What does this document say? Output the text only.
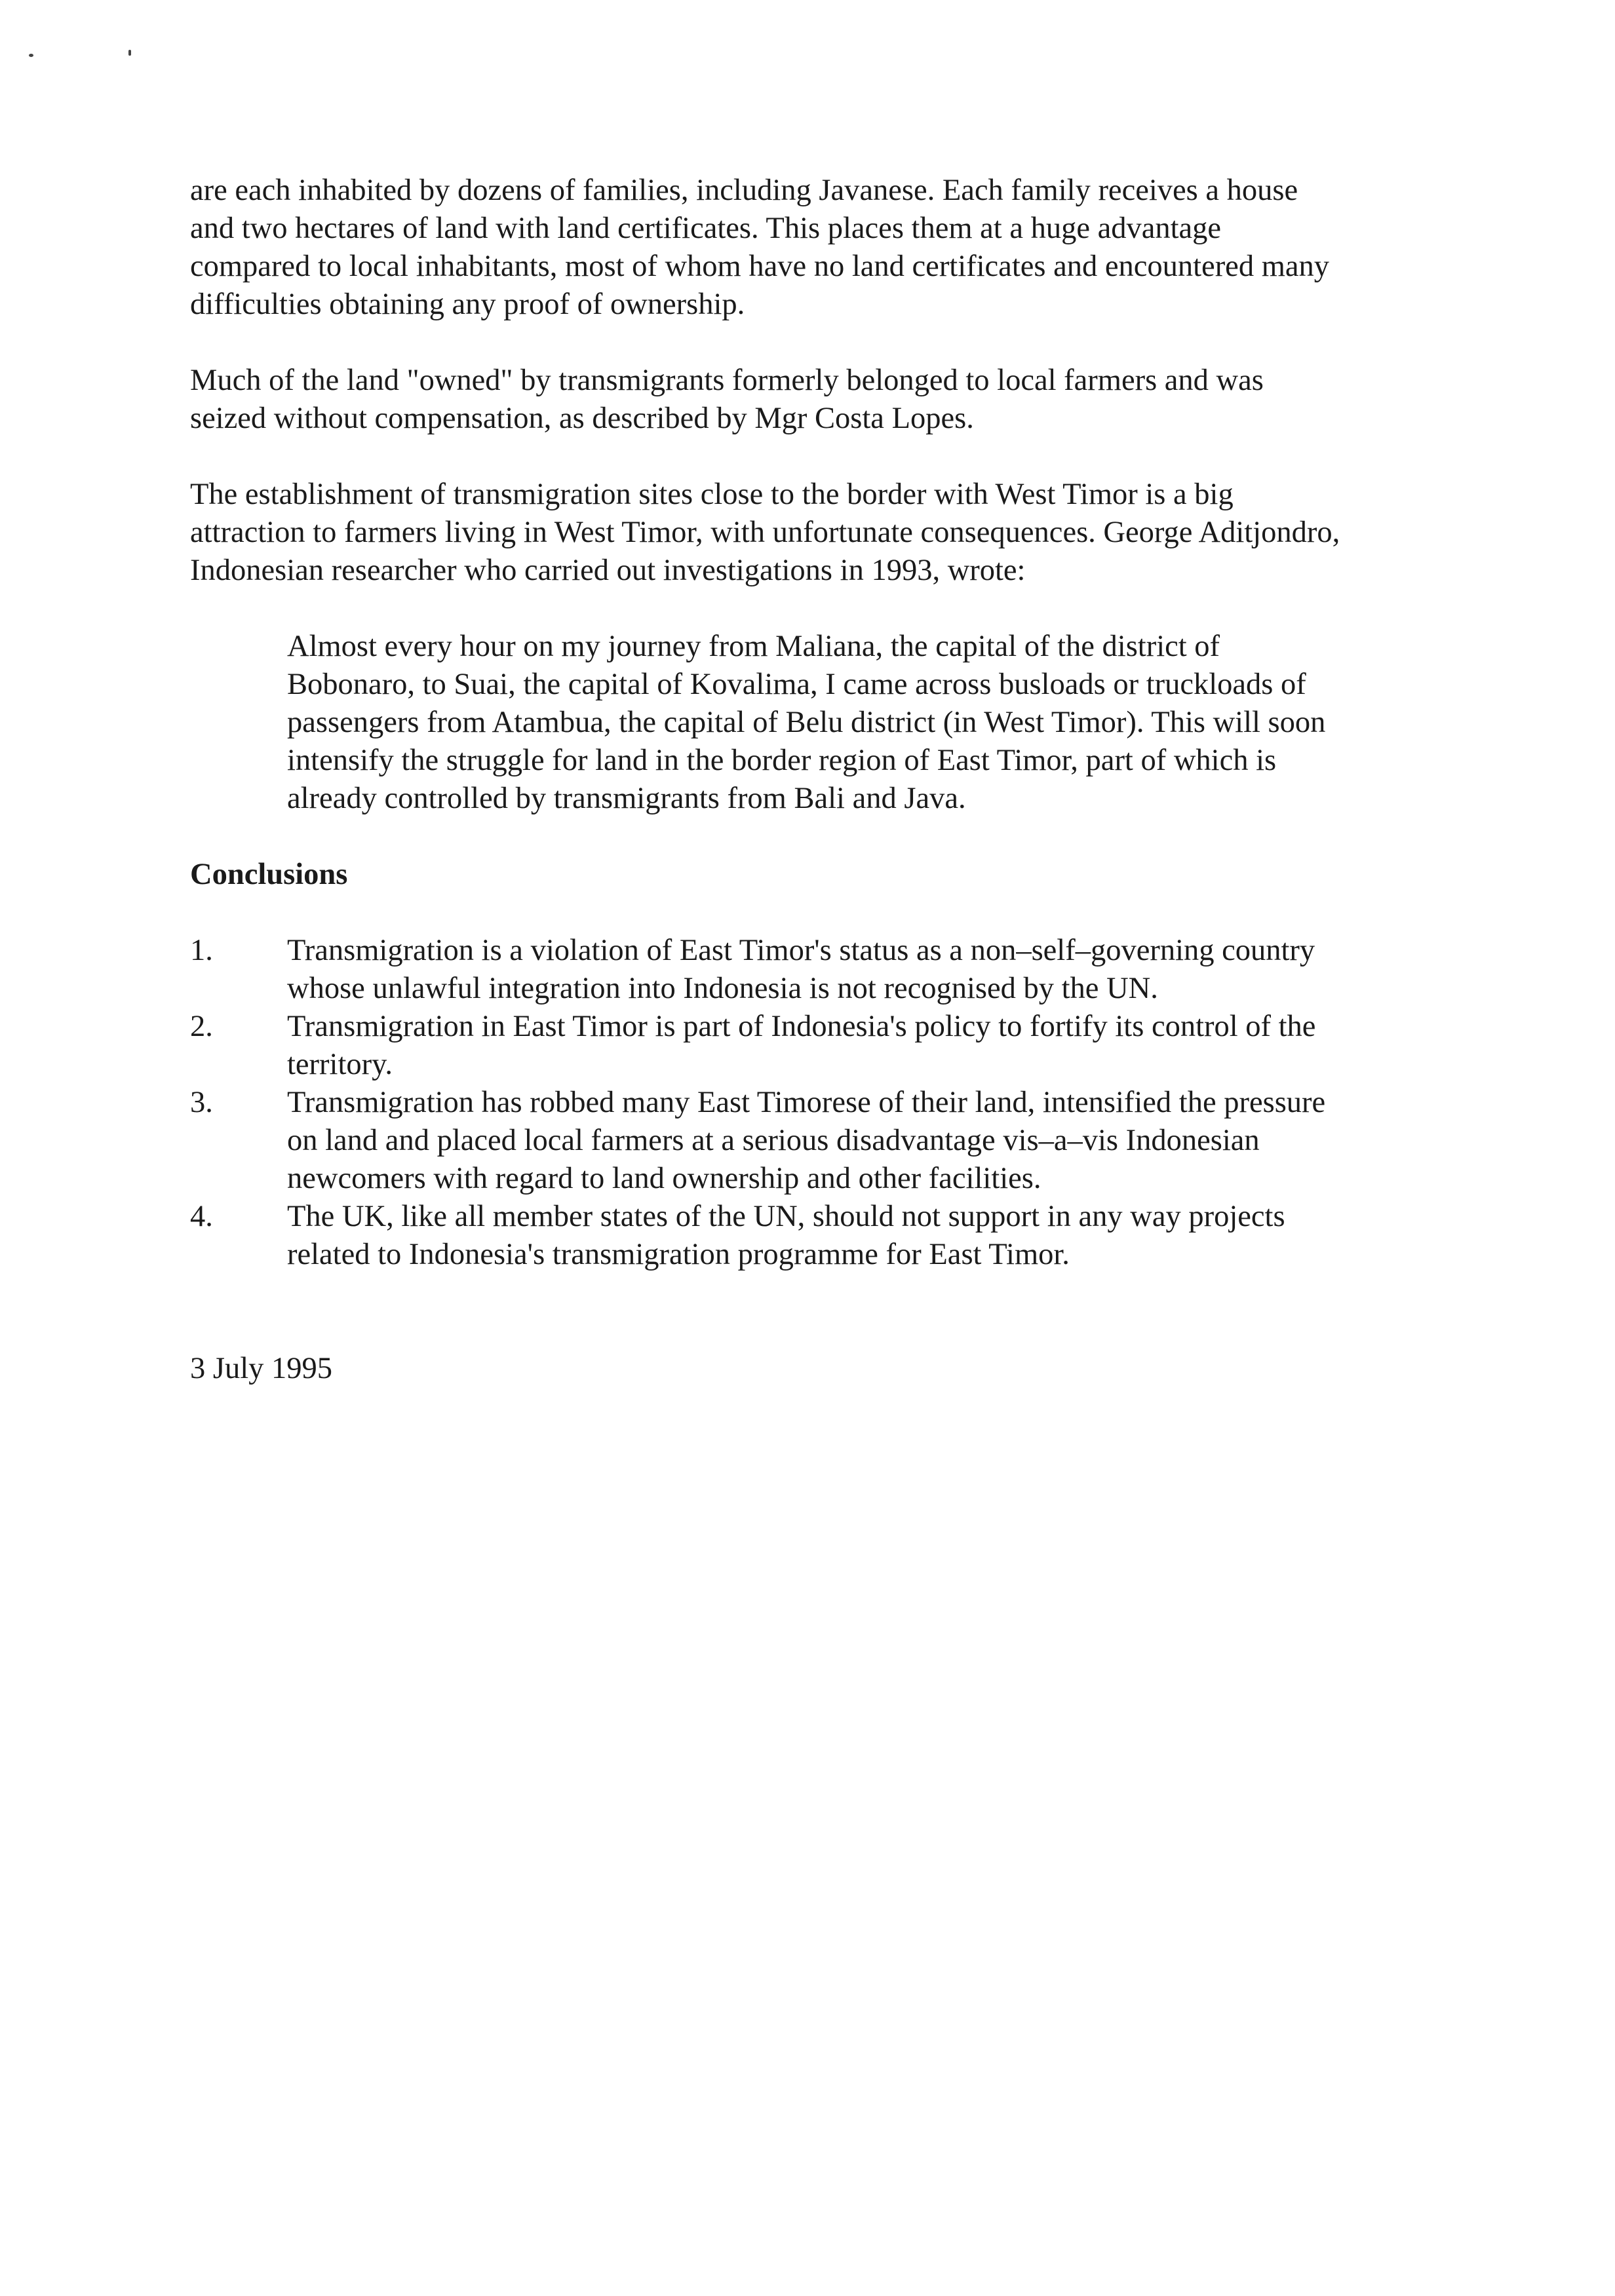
are each inhabited by dozens of families, including Javanese. Each family receives a house
and two hectares of land with land certificates. This places them at a huge advantage
compared to local inhabitants, most of whom have no land certificates and encountered many
difficulties obtaining any proof of ownership.

Much of the land "owned" by transmigrants formerly belonged to local farmers and was
seized without compensation, as described by Mgr Costa Lopes.

The establishment of transmigration sites close to the border with West Timor is a big
attraction to farmers living in West Timor, with unfortunate consequences. George Aditjondro,
Indonesian researcher who carried out investigations in 1993, wrote:

Almost every hour on my journey from Maliana, the capital of the district of
Bobonaro, to Suai, the capital of Kovalima, I came across busloads or truckloads of
passengers from Atambua, the capital of Belu district (in West Timor). This will soon
intensify the struggle for land in the border region of East Timor, part of which is
already controlled by transmigrants from Bali and Java.

Conclusions
1.	Transmigration is a violation of East Timor's status as a non–self–governing country
whose unlawful integration into Indonesia is not recognised by the UN.
2.	Transmigration in East Timor is part of Indonesia's policy to fortify its control of the
territory.
3.	Transmigration has robbed many East Timorese of their land, intensified the pressure
on land and placed local farmers at a serious disadvantage vis–a–vis Indonesian
newcomers with regard to land ownership and other facilities.
4.	The UK, like all member states of the UN, should not support in any way projects
related to Indonesia's transmigration programme for East Timor.

3 July 1995
